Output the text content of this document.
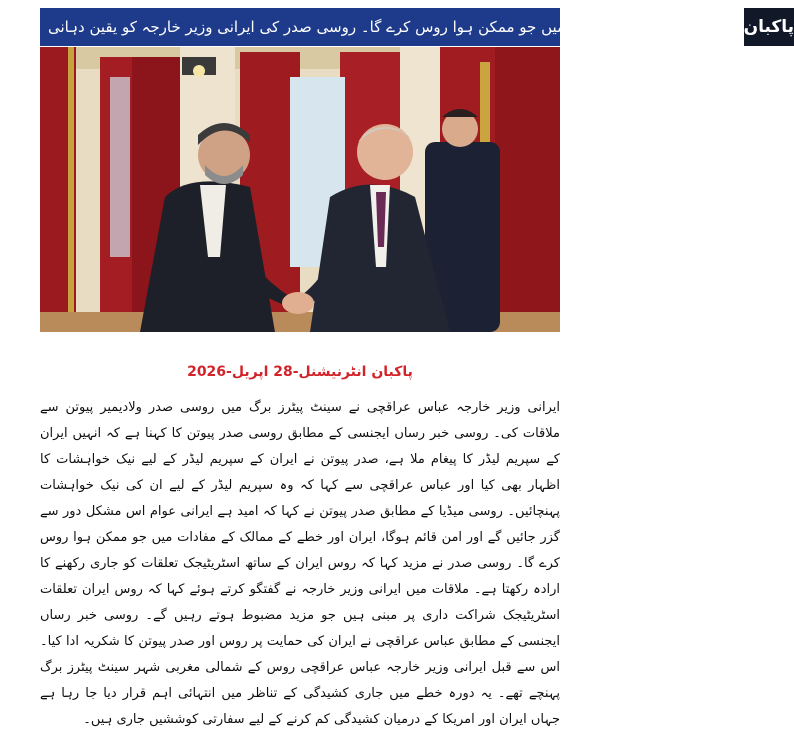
خطے کے ممالک کے مفادات میں جو ممکن ہوا روس کرے گا۔ روسی صدر کی ایرانی وزیر خارجہ کو یقین دہانی پاکبان
پاکبان انٹرنیشنل-28 اپریل-2026
ایرانی وزیر خارجہ عباس عراقچی نے سینٹ پیٹرز برگ میں روسی صدر ولادیمیر پیوتن سے ملاقات کی۔ روسی خبر رساں ایجنسی کے مطابق روسی صدر پیوتن کا کہنا ہے کہ انہیں ایران کے سپریم لیڈر کا پیغام ملا ہے، صدر پیوتن نے ایران کے سپریم لیڈر کے لیے نیک خواہشات کا اظہار بھی کیا اور عباس عراقچی سے کہا کہ وہ سپریم لیڈر کے لیے ان کی نیک خواہشات پہنچائیں۔ روسی میڈیا کے مطابق صدر پیوتن نے کہا کہ امید ہے ایرانی عوام اس مشکل دور سے گزر جائیں گے اور امن قائم ہوگا، ایران اور خطے کے ممالک کے مفادات میں جو ممکن ہوا روس کرے گا۔ روسی صدر نے مزید کہا کہ روس ایران کے ساتھ اسٹریٹیجک تعلقات کو جاری رکھنے کا ارادہ رکھتا ہے۔ ملاقات میں ایرانی وزیر خارجہ نے گفتگو کرتے ہوئے کہا کہ روس ایران تعلقات اسٹریٹیجک شراکت داری پر مبنی ہیں جو مزید مضبوط ہوتے رہیں گے۔ روسی خبر رساں ایجنسی کے مطابق عباس عراقچی نے ایران کی حمایت پر روس اور صدر پیوتن کا شکریہ ادا کیا۔ اس سے قبل ایرانی وزیر خارجہ عباس عراقچی روس کے شمالی مغربی شہر سینٹ پیٹرز برگ پہنچے تھے۔ یہ دورہ خطے میں جاری کشیدگی کے تناظر میں انتہائی اہم قرار دیا جا رہا ہے جہاں ایران اور امریکا کے درمیان کشیدگی کم کرنے کے لیے سفارتی کوششیں جاری ہیں۔
